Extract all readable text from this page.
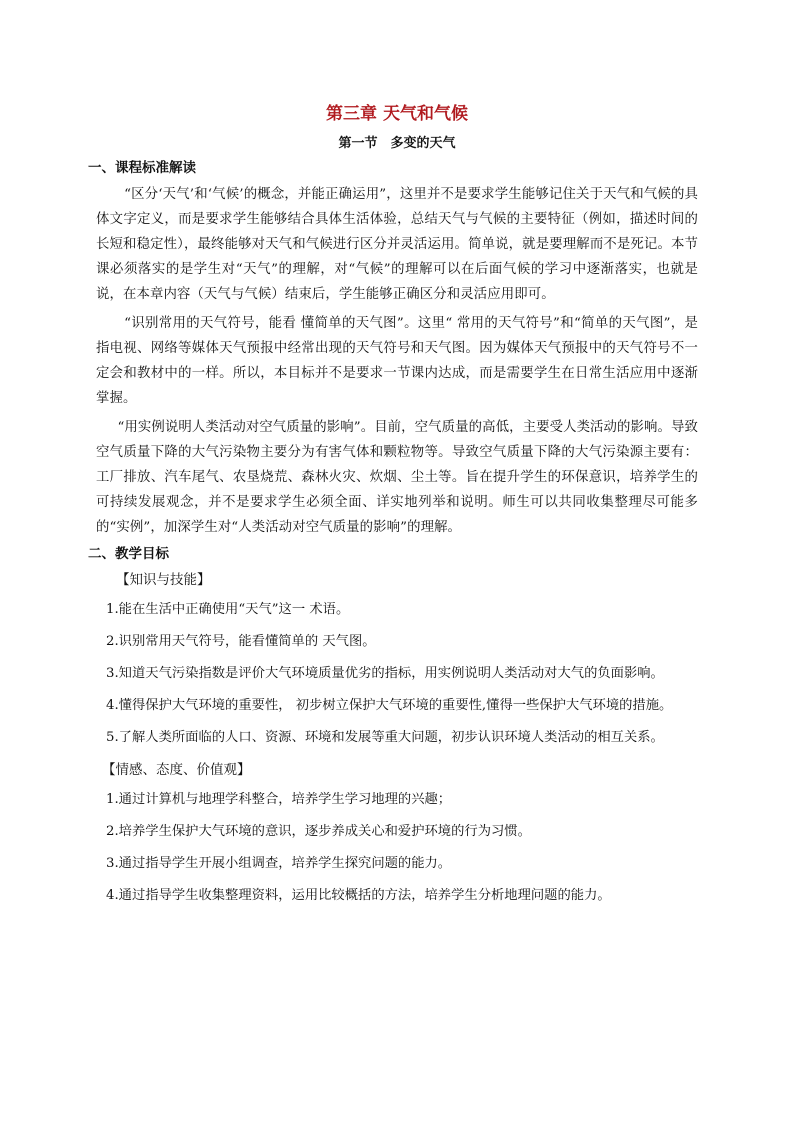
第三章 天气和气候
第一节　多变的天气
一、课程标准解读

“区分‘天气’和‘气候’的概念，并能正确运用”，这里并不是要求学生能够记住关于天气和气候的具体文字定义，而是要求学生能够结合具体生活体验，总结天气与气候的主要特征（例如，描述时间的长短和稳定性），最终能够对天气和气候进行区分并灵活运用。简单说，就是要理解而不是死记。本节课必须落实的是学生对“天气”的理解，对“气候”的理解可以在后面气候的学习中逐渐落实，也就是说，在本章内容（天气与气候）结束后，学生能够正确区分和灵活应用即可。

“识别常用的天气符号，能看 懂简单的天气图”。这里“ 常用的天气符号”和“简单的天气图”，是指电视、网络等媒体天气预报中经常出现的天气符号和天气图。因为媒体天气预报中的天气符号不一定会和教材中的一样。所以，本目标并不是要求一节课内达成，而是需要学生在日常生活应用中逐渐掌握。

“用实例说明人类活动对空气质量的影响”。目前，空气质量的高低，主要受人类活动的影响。导致空气质量下降的大气污染物主要分为有害气体和颗粒物等。导致空气质量下降的大气污染源主要有：工厂排放、汽车尾气、农垦烧荒、森林火灾、炊烟、尘土等。旨在提升学生的环保意识，培养学生的可持续发展观念，并不是要求学生必须全面、详实地列举和说明。师生可以共同收集整理尽可能多的“实例”，加深学生对“人类活动对空气质量的影响”的理解。

二、教学目标
【知识与技能】
1.能在生活中正确使用“天气”这一 术语。
2.识别常用天气符号，能看懂简单的 天气图。
3.知道天气污染指数是评价大气环境质量优劣的指标，用实例说明人类活动对大气的负面影响。
4.懂得保护大气环境的重要性， 初步树立保护大气环境的重要性,懂得一些保护大气环境的措施。
5.了解人类所面临的人口、资源、环境和发展等重大问题，初步认识环境人类活动的相互关系。
【情感、态度、价值观】
1.通过计算机与地理学科整合，培养学生学习地理的兴趣；
2.培养学生保护大气环境的意识，逐步养成关心和爱护环境的行为习惯。
3.通过指导学生开展小组调查，培养学生探究问题的能力。
4.通过指导学生收集整理资料，运用比较概括的方法，培养学生分析地理问题的能力。
